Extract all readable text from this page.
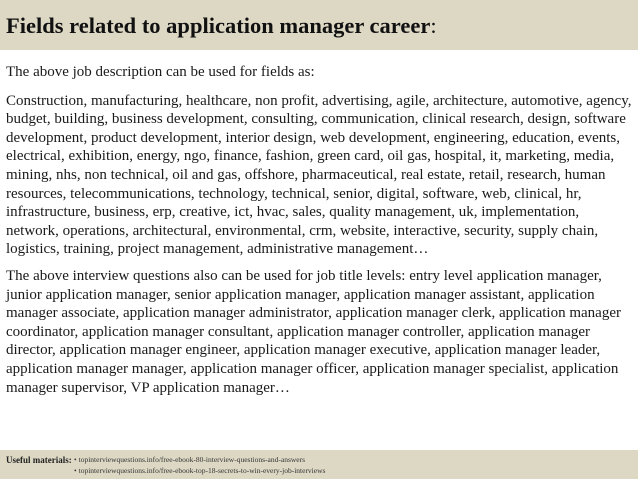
Fields related to application manager career:

The above job description can be used for fields as:

Construction, manufacturing, healthcare, non profit, advertising, agile, architecture, automotive, agency, budget, building, business development, consulting, communication, clinical research, design, software development, product development, interior design, web development, engineering, education, events, electrical, exhibition, energy, ngo, finance, fashion, green card, oil gas, hospital, it, marketing, media, mining, nhs, non technical, oil and gas, offshore, pharmaceutical, real estate, retail, research, human resources, telecommunications, technology, technical, senior, digital, software, web, clinical, hr, infrastructure, business, erp, creative, ict, hvac, sales, quality management, uk, implementation, network, operations, architectural, environmental, crm, website, interactive, security, supply chain, logistics, training, project management, administrative management…

The above interview questions also can be used for job title levels: entry level application manager, junior application manager, senior application manager, application manager assistant, application manager associate, application manager administrator, application manager clerk, application manager coordinator, application manager consultant, application manager controller, application manager director, application manager engineer, application manager executive, application manager leader, application manager manager, application manager officer, application manager specialist, application manager supervisor, VP application manager…

Useful materials: • topinterviewquestions.info/free-ebook-80-interview-questions-and-answers
• topinterviewquestions.info/free-ebook-top-18-secrets-to-win-every-job-interviews
